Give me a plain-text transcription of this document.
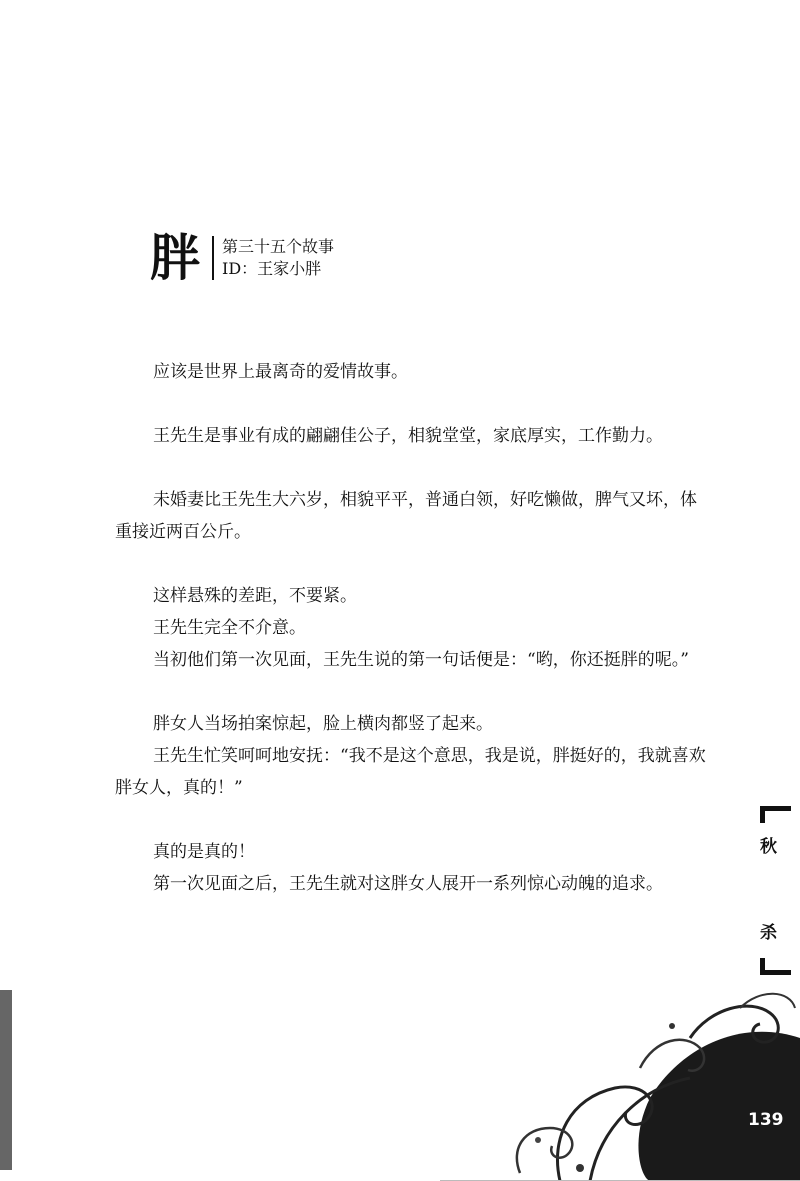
胖 第三十五个故事
ID：王家小胖

应该是世界上最离奇的爱情故事。

王先生是事业有成的翩翩佳公子，相貌堂堂，家底厚实，工作勤力。

未婚妻比王先生大六岁，相貌平平，普通白领，好吃懒做，脾气又坏，体重接近两百公斤。

这样悬殊的差距，不要紧。

王先生完全不介意。

当初他们第一次见面，王先生说的第一句话便是：“哟，你还挺胖的呢。”

胖女人当场拍案惊起，脸上横肉都竖了起来。

王先生忙笑呵呵地安抚：“我不是这个意思，我是说，胖挺好的，我就喜欢胖女人，真的！”

真的是真的！

第一次见面之后，王先生就对这胖女人展开一系列惊心动魄的追求。

秋
杀
139
